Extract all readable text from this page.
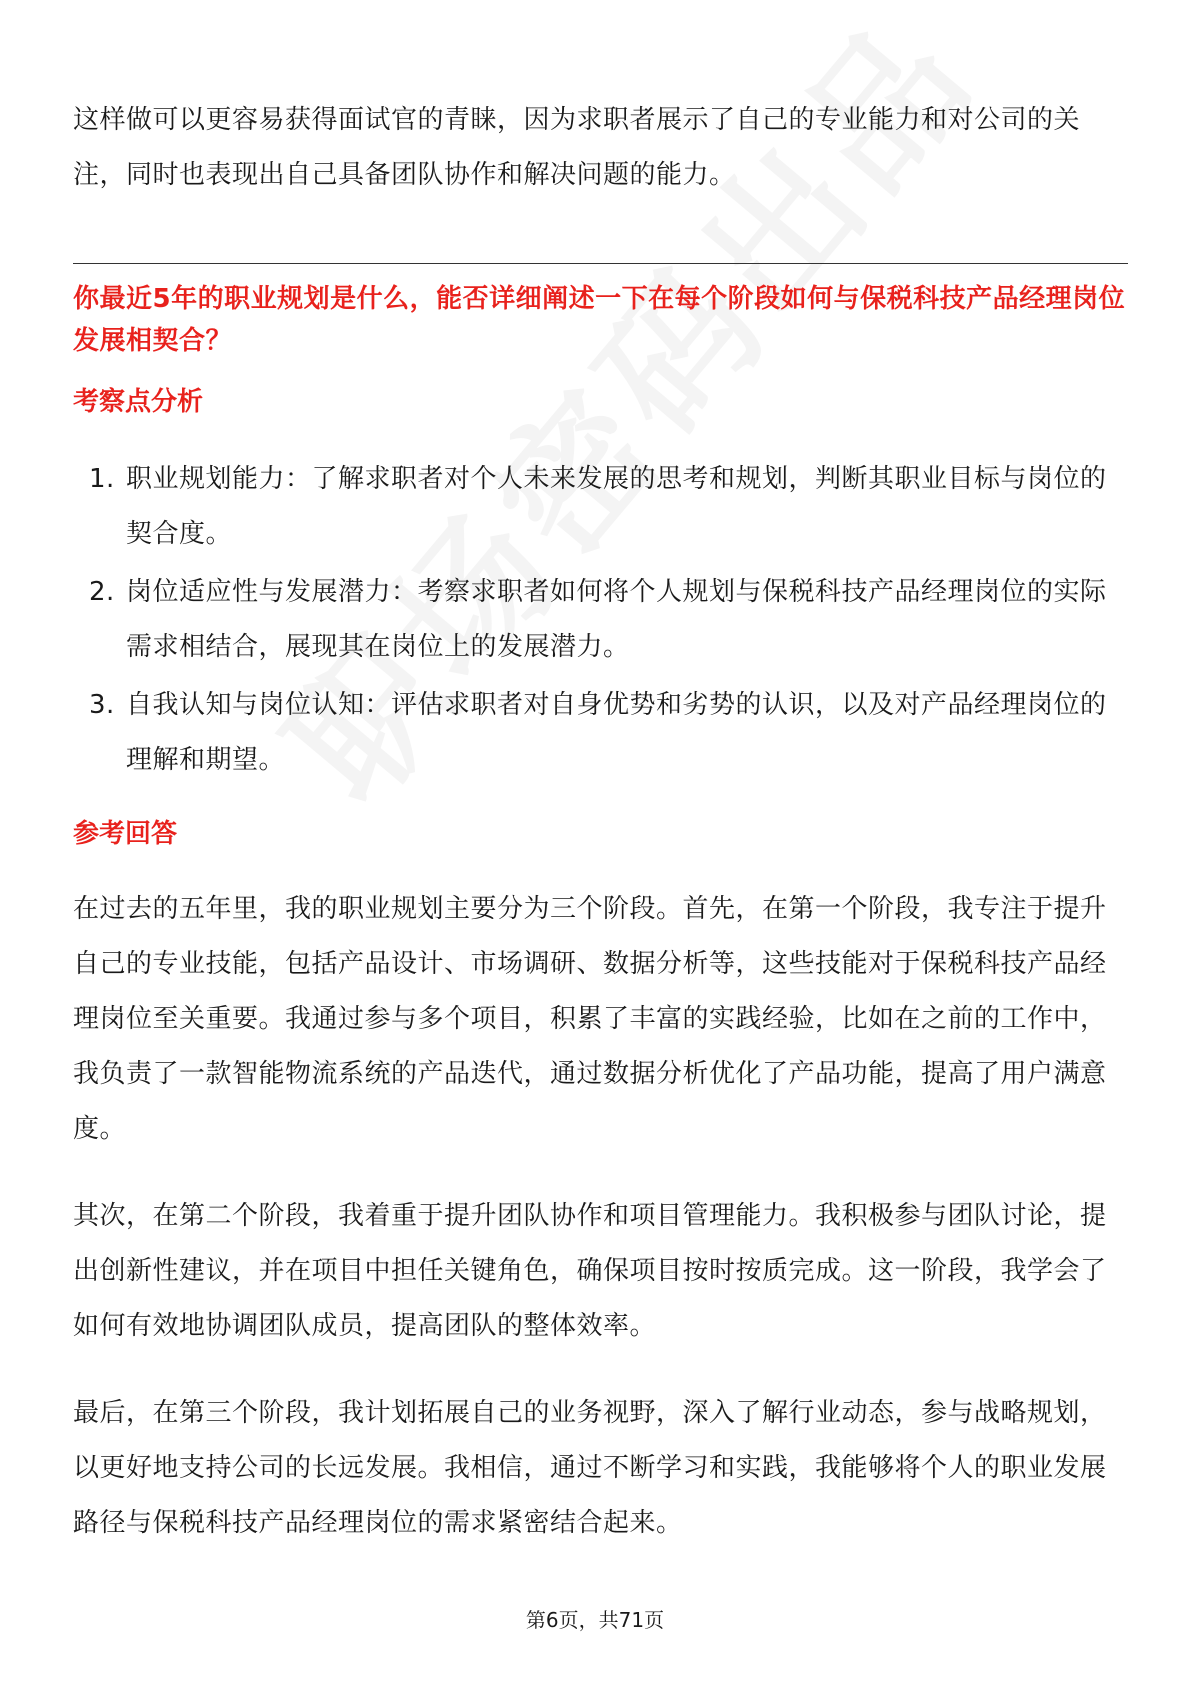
这样做可以更容易获得面试官的青睐，因为求职者展示了自己的专业能力和对公司的关注，同时也表现出自己具备团队协作和解决问题的能力。

你最近5年的职业规划是什么，能否详细阐述一下在每个阶段如何与保税科技产品经理岗位发展相契合？

考察点分析
1. 职业规划能力：了解求职者对个人未来发展的思考和规划，判断其职业目标与岗位的契合度。
2. 岗位适应性与发展潜力：考察求职者如何将个人规划与保税科技产品经理岗位的实际需求相结合，展现其在岗位上的发展潜力。
3. 自我认知与岗位认知：评估求职者对自身优势和劣势的认识，以及对产品经理岗位的理解和期望。
参考回答

在过去的五年里，我的职业规划主要分为三个阶段。首先，在第一个阶段，我专注于提升自己的专业技能，包括产品设计、市场调研、数据分析等，这些技能对于保税科技产品经理岗位至关重要。我通过参与多个项目，积累了丰富的实践经验，比如在之前的工作中，我负责了一款智能物流系统的产品迭代，通过数据分析优化了产品功能，提高了用户满意度。

其次，在第二个阶段，我着重于提升团队协作和项目管理能力。我积极参与团队讨论，提出创新性建议，并在项目中担任关键角色，确保项目按时按质完成。这一阶段，我学会了如何有效地协调团队成员，提高团队的整体效率。

最后，在第三个阶段，我计划拓展自己的业务视野，深入了解行业动态，参与战略规划，以更好地支持公司的长远发展。我相信，通过不断学习和实践，我能够将个人的职业发展路径与保税科技产品经理岗位的需求紧密结合起来。

第6页，共71页
